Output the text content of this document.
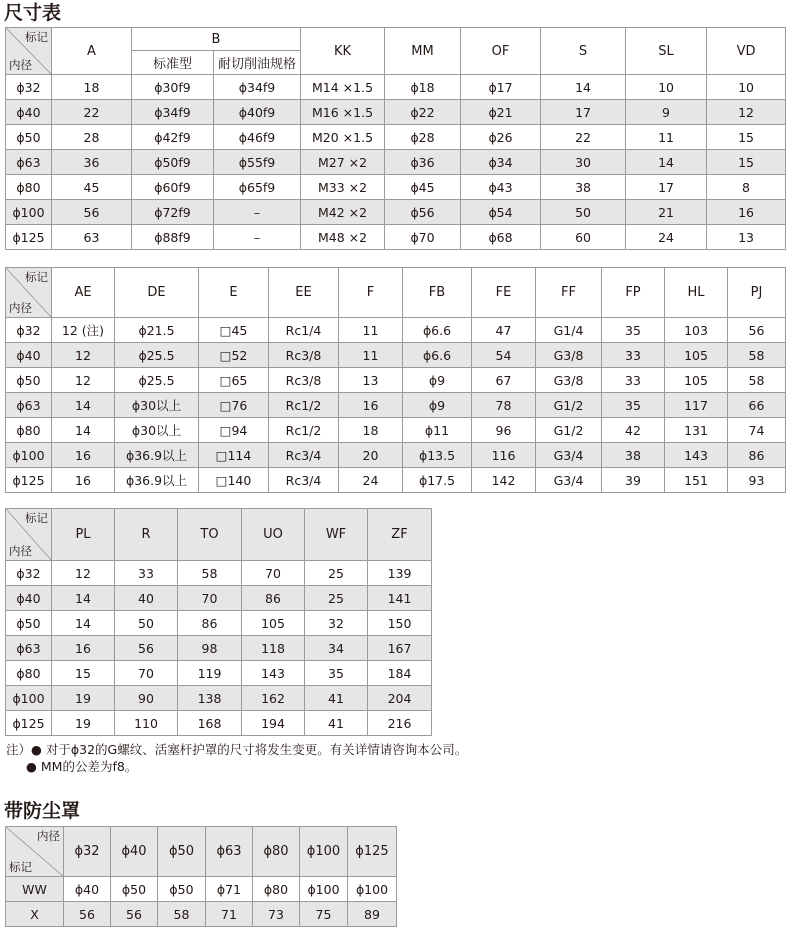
尺寸表
标记
内径	A	B		KK	MM	OF	S	SL	VD
		标准型	耐切削油规格						
ϕ32	18	ϕ30f9	ϕ34f9	M14 ×1.5	ϕ18	ϕ17	14	10	10
ϕ40	22	ϕ34f9	ϕ40f9	M16 ×1.5	ϕ22	ϕ21	17	9	12
ϕ50	28	ϕ42f9	ϕ46f9	M20 ×1.5	ϕ28	ϕ26	22	11	15
ϕ63	36	ϕ50f9	ϕ55f9	M27 ×2	ϕ36	ϕ34	30	14	15
ϕ80	45	ϕ60f9	ϕ65f9	M33 ×2	ϕ45	ϕ43	38	17	8
ϕ100	56	ϕ72f9	–	M42 ×2	ϕ56	ϕ54	50	21	16
ϕ125	63	ϕ88f9	–	M48 ×2	ϕ70	ϕ68	60	24	13
标记
内径	AE	DE	E	EE	F	FB	FE	FF	FP	HL	PJ
ϕ32	12 (注)	ϕ21.5	□45	Rc1/4	11	ϕ6.6	47	G1/4	35	103	56
ϕ40	12	ϕ25.5	□52	Rc3/8	11	ϕ6.6	54	G3/8	33	105	58
ϕ50	12	ϕ25.5	□65	Rc3/8	13	ϕ9	67	G3/8	33	105	58
ϕ63	14	ϕ30以上	□76	Rc1/2	16	ϕ9	78	G1/2	35	117	66
ϕ80	14	ϕ30以上	□94	Rc1/2	18	ϕ11	96	G1/2	42	131	74
ϕ100	16	ϕ36.9以上	□114	Rc3/4	20	ϕ13.5	116	G3/4	38	143	86
ϕ125	16	ϕ36.9以上	□140	Rc3/4	24	ϕ17.5	142	G3/4	39	151	93
标记
内径	PL	R	TO	UO	WF	ZF
ϕ32	12	33	58	70	25	139
ϕ40	14	40	70	86	25	141
ϕ50	14	50	86	105	32	150
ϕ63	16	56	98	118	34	167
ϕ80	15	70	119	143	35	184
ϕ100	19	90	138	162	41	204
ϕ125	19	110	168	194	41	216
注）● 对于ϕ32的G螺纹、活塞杆护罩的尺寸将发生变更。有关详情请咨询本公司。
● MM的公差为f8。
带防尘罩
内径
标记	ϕ32	ϕ40	ϕ50	ϕ63	ϕ80	ϕ100	ϕ125
WW	ϕ40	ϕ50	ϕ50	ϕ71	ϕ80	ϕ100	ϕ100
X	56	56	58	71	73	75	89
